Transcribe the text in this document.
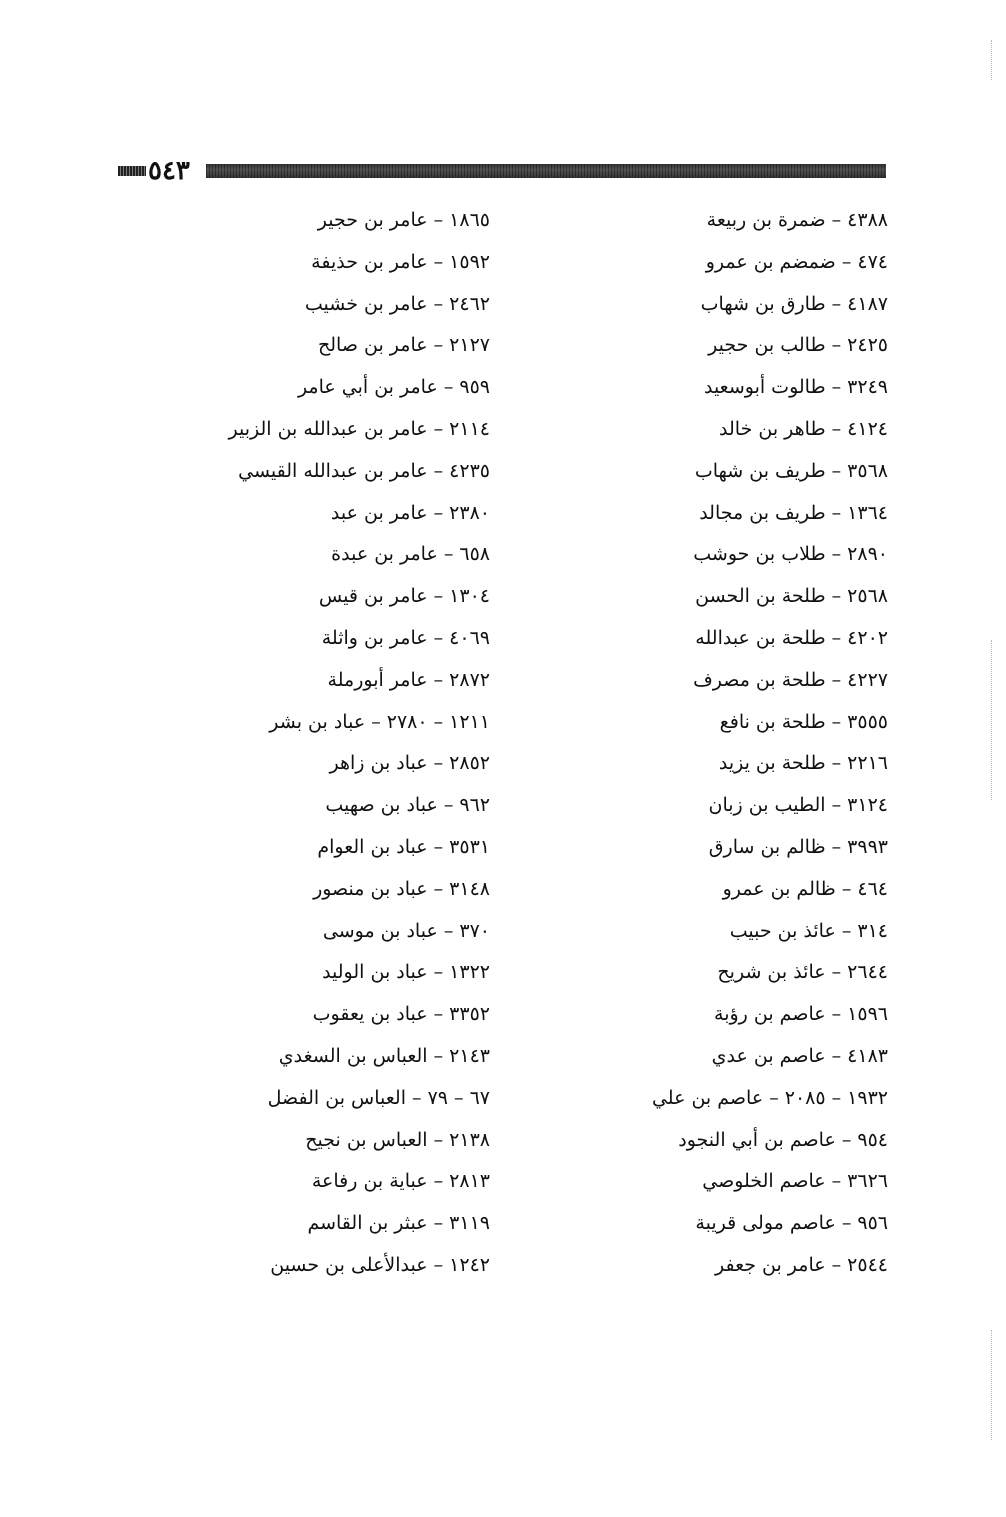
٥٤٣
٤٣٨٨ – ضمرة بن ربيعة
٤٧٤ – ضمضم بن عمرو
٤١٨٧ – طارق بن شهاب
٢٤٢٥ – طالب بن حجير
٣٢٤٩ – طالوت أبوسعيد
٤١٢٤ – طاهر بن خالد
٣٥٦٨ – طريف بن شهاب
١٣٦٤ – طريف بن مجالد
٢٨٩٠ – طلاب بن حوشب
٢٥٦٨ – طلحة بن الحسن
٤٢٠٢ – طلحة بن عبدالله
٤٢٢٧ – طلحة بن مصرف
٣٥٥٥ – طلحة بن نافع
٢٢١٦ – طلحة بن يزيد
٣١٢٤ – الطيب بن زبان
٣٩٩٣ – ظالم بن سارق
٤٦٤ – ظالم بن عمرو
٣١٤ – عائذ بن حبيب
٢٦٤٤ – عائذ بن شريح
١٥٩٦ – عاصم بن رؤبة
٤١٨٣ – عاصم بن عدي
١٩٣٢ – ٢٠٨٥ – عاصم بن علي
٩٥٤ – عاصم بن أبي النجود
٣٦٢٦ – عاصم الخلوصي
٩٥٦ – عاصم مولى قريبة
٢٥٤٤ – عامر بن جعفر
١٨٦٥ – عامر بن حجير
١٥٩٢ – عامر بن حذيفة
٢٤٦٢ – عامر بن خشيب
٢١٢٧ – عامر بن صالح
٩٥٩ – عامر بن أبي عامر
٢١١٤ – عامر بن عبدالله بن الزبير
٤٢٣٥ – عامر بن عبدالله القيسي
٢٣٨٠ – عامر بن عبد
٦٥٨ – عامر بن عبدة
١٣٠٤ – عامر بن قيس
٤٠٦٩ – عامر بن واثلة
٢٨٧٢ – عامر أبورملة
١٢١١ – ٢٧٨٠ – عباد بن بشر
٢٨٥٢ – عباد بن زاهر
٩٦٢ – عباد بن صهيب
٣٥٣١ – عباد بن العوام
٣١٤٨ – عباد بن منصور
٣٧٠ – عباد بن موسى
١٣٢٢ – عباد بن الوليد
٣٣٥٢ – عباد بن يعقوب
٢١٤٣ – العباس بن السغدي
٦٧ – ٧٩ – العباس بن الفضل
٢١٣٨ – العباس بن نجيح
٢٨١٣ – عباية بن رفاعة
٣١١٩ – عبثر بن القاسم
١٢٤٢ – عبدالأعلى بن حسين
